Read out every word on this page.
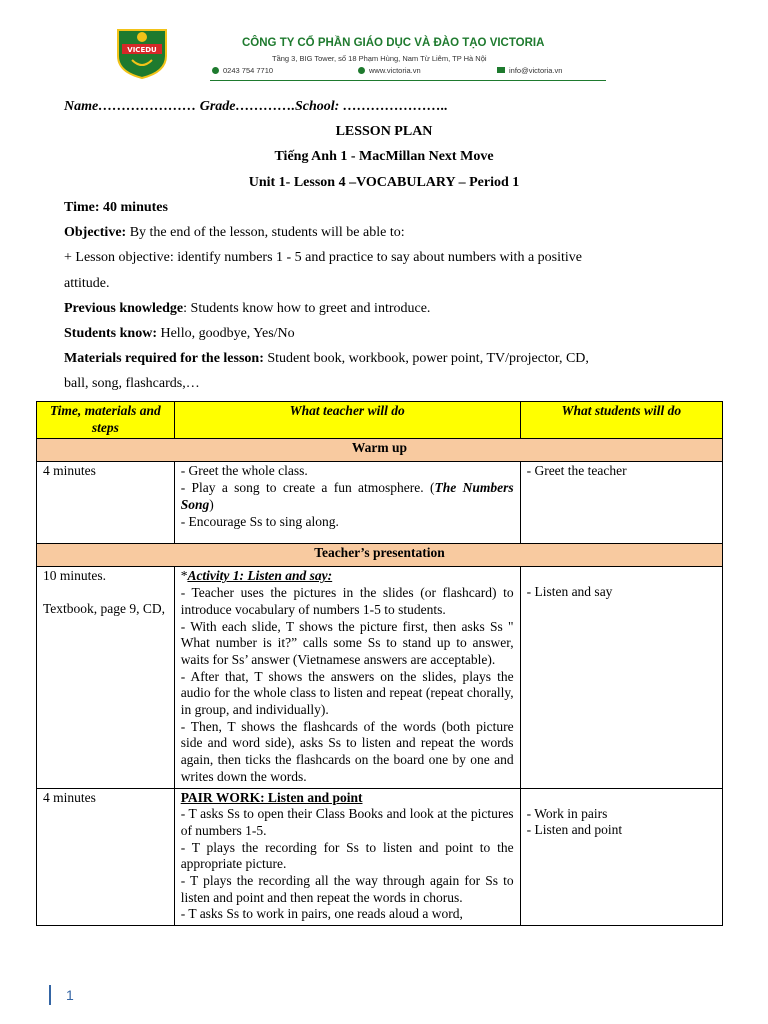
VICEDU
CÔNG TY CỔ PHẦN GIÁO DỤC VÀ ĐÀO TẠO VICTORIA
Tầng 3, BIG Tower, số 18 Phạm Hùng, Nam Từ Liêm, TP Hà Nội
0243 754 7710	www.victoria.vn	info@victoria.vn
Name………………… Grade………….School: …………………..
LESSON PLAN
Tiếng Anh 1 - MacMillan Next Move
Unit 1- Lesson 4 –VOCABULARY – Period 1
Time: 40 minutes
Objective: By the end of the lesson, students will be able to:
+ Lesson objective: identify numbers 1 - 5 and practice to say about numbers with a positive
attitude.
Previous knowledge: Students know how to greet and introduce.
Students know: Hello, goodbye, Yes/No
Materials required for the lesson: Student book, workbook, power point, TV/projector, CD,
ball, song, flashcards,…
Time, materials and steps	What teacher will do	What students will do
Warm up		
4 minutes	- Greet the whole class.
- Play a song to create a fun atmosphere. (The Numbers Song)
- Encourage Ss to sing along.	- Greet the teacher
Teacher’s presentation		

10 minutes.
Textbook, page 9, CD,	*Activity 1: Listen and say:
- Teacher uses the pictures in the slides (or flashcard) to introduce vocabulary of numbers 1-5 to students.
- With each slide, T shows the picture first, then asks Ss " What number is it?” calls some Ss to stand up to answer, waits for Ss’ answer (Vietnamese answers are acceptable).
- After that, T shows the answers on the slides, plays the audio for the whole class to listen and repeat (repeat chorally, in group, and individually).
- Then, T shows the flashcards of the words (both picture side and word side), asks Ss to listen and repeat the words again, then ticks the flashcards on the board one by one and writes down the words.	- Listen and say

4 minutes	PAIR WORK: Listen and point
- T asks Ss to open their Class Books and look at the pictures of numbers 1-5.
- T plays the recording for Ss to listen and point to the appropriate picture.
- T plays the recording all the way through again for Ss to listen and point and then repeat the words in chorus.
- T asks Ss to work in pairs, one reads aloud a word,	- Work in pairs
- Listen and point
1
